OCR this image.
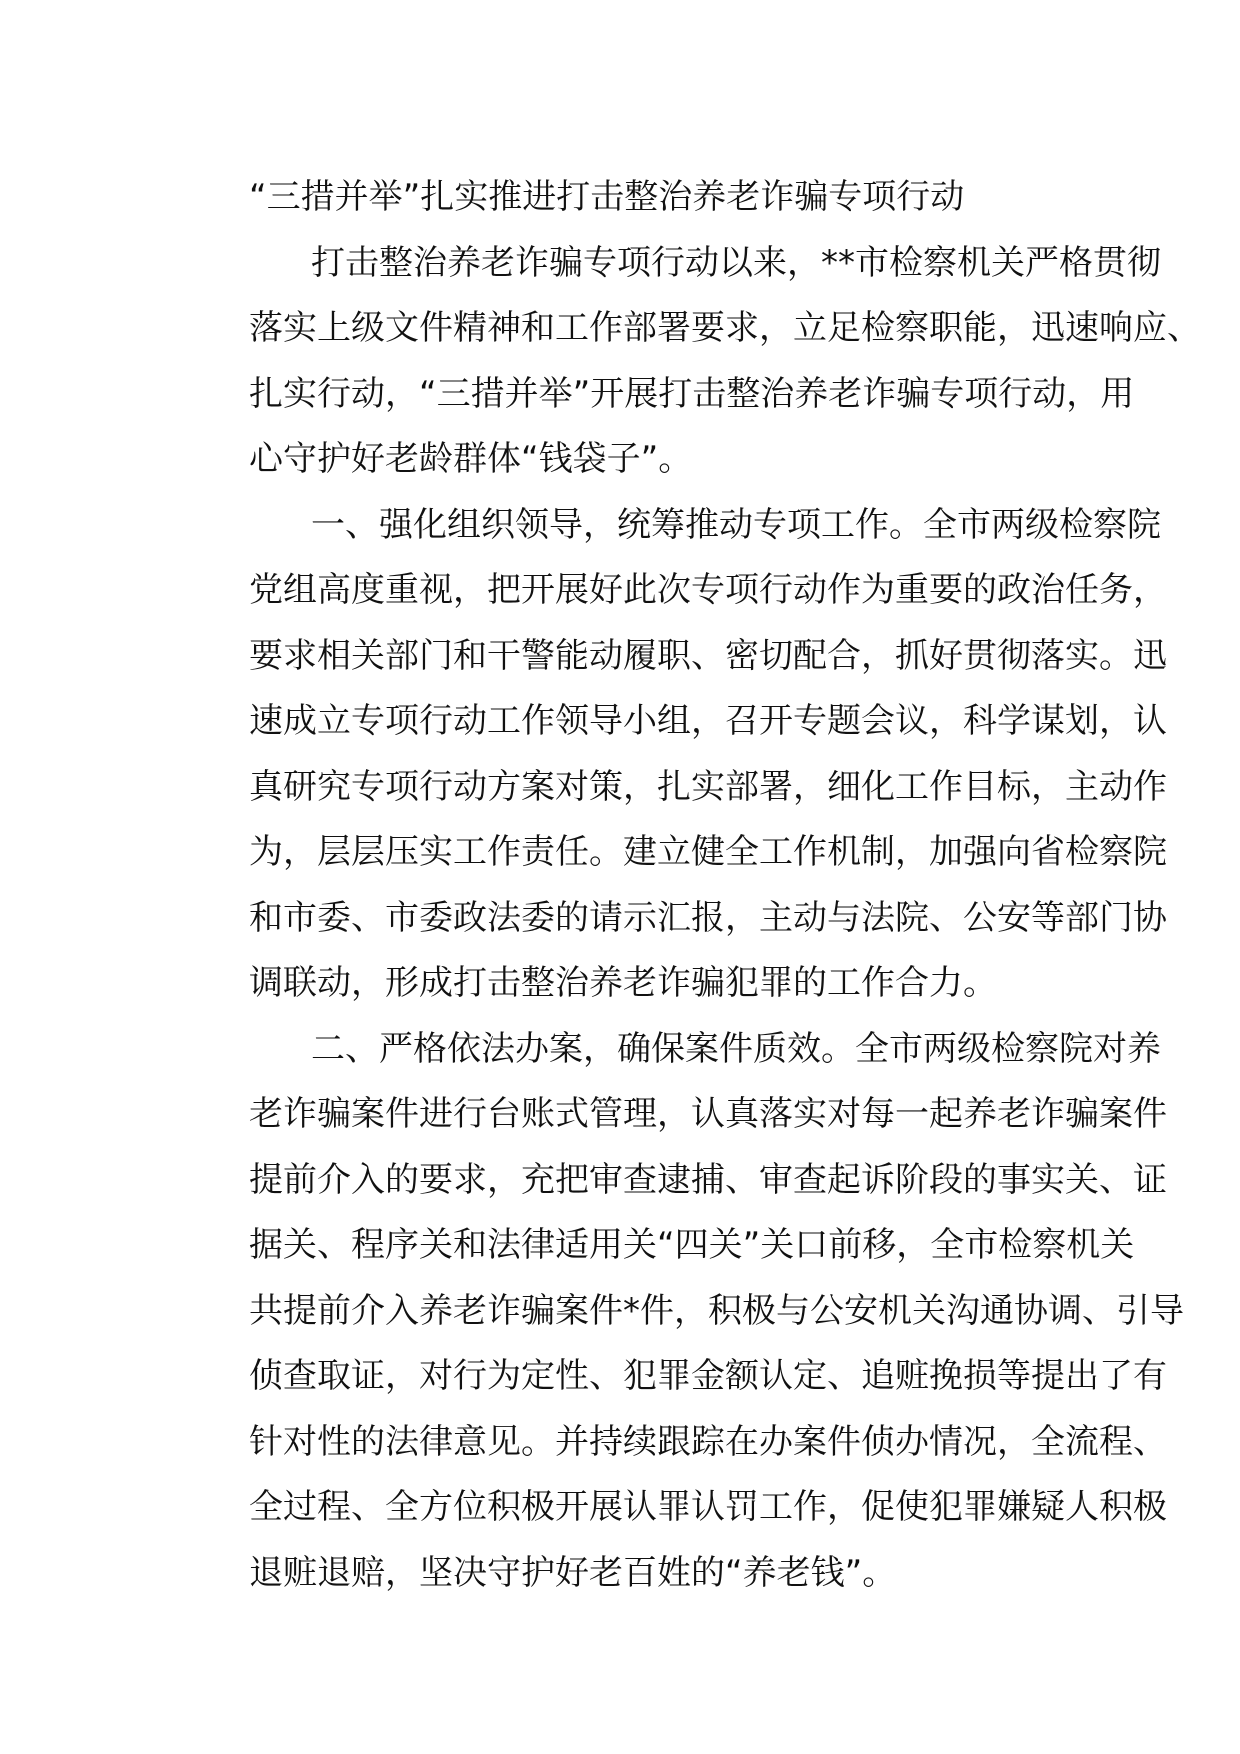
“三措并举”扎实推进打击整治养老诈骗专项行动

打击整治养老诈骗专项行动以来，**市检察机关严格贯彻
落实上级文件精神和工作部署要求，立足检察职能，迅速响应、
扎实行动，“三措并举”开展打击整治养老诈骗专项行动，用
心守护好老龄群体“钱袋子”。

一、强化组织领导，统筹推动专项工作。全市两级检察院
党组高度重视，把开展好此次专项行动作为重要的政治任务，
要求相关部门和干警能动履职、密切配合，抓好贯彻落实。迅
速成立专项行动工作领导小组，召开专题会议，科学谋划，认
真研究专项行动方案对策，扎实部署，细化工作目标，主动作
为，层层压实工作责任。建立健全工作机制，加强向省检察院
和市委、市委政法委的请示汇报，主动与法院、公安等部门协
调联动，形成打击整治养老诈骗犯罪的工作合力。

二、严格依法办案，确保案件质效。全市两级检察院对养
老诈骗案件进行台账式管理，认真落实对每一起养老诈骗案件
提前介入的要求，充把审查逮捕、审查起诉阶段的事实关、证
据关、程序关和法律适用关“四关”关口前移，全市检察机关
共提前介入养老诈骗案件*件，积极与公安机关沟通协调、引导
侦查取证，对行为定性、犯罪金额认定、追赃挽损等提出了有
针对性的法律意见。并持续跟踪在办案件侦办情况，全流程、
全过程、全方位积极开展认罪认罚工作，促使犯罪嫌疑人积极
退赃退赔，坚决守护好老百姓的“养老钱”。
